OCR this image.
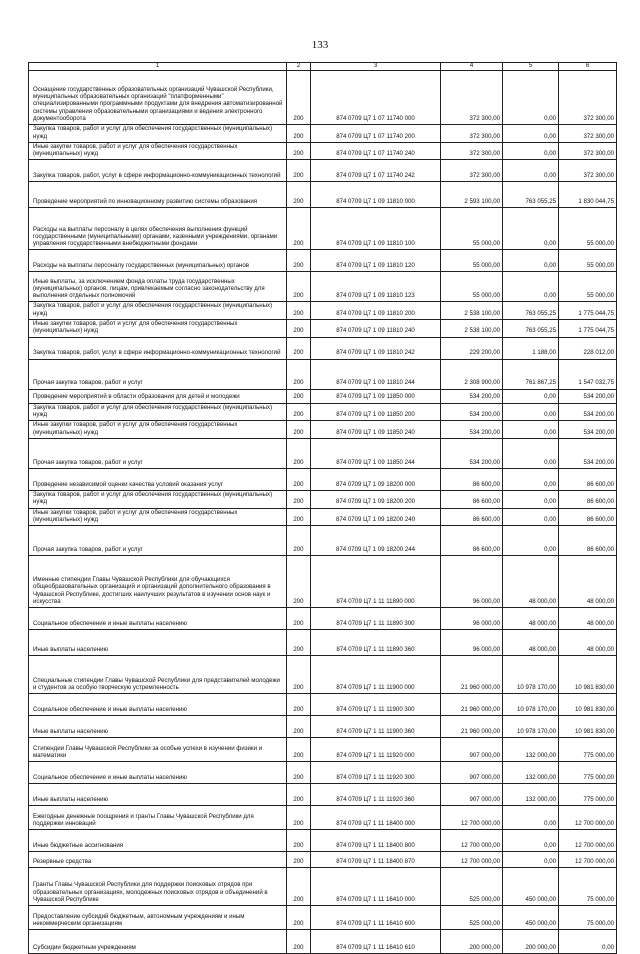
133
1	2	3	4	5	6
Оснащение государственных образовательных организаций Чувашской Республики, муниципальных образовательных организаций "платформенными" специализированными программными продуктами для внедрения автоматизированной системы управления образовательными организациями и ведения электронного документооборота	200	874 0709 Ц7 1 07 11740 000	372 300,00	0,00	372 300,00
Закупка товаров, работ и услуг для обеспечения государственных (муниципальных) нужд	200	874 0709 Ц7 1 07 11740 200	372 300,00	0,00	372 300,00
Иные закупки товаров, работ и услуг для обеспечения государственных (муниципальных) нужд	200	874 0709 Ц7 1 07 11740 240	372 300,00	0,00	372 300,00
Закупка товаров, работ, услуг в сфере информационно-коммуникационных технологий	200	874 0709 Ц7 1 07 11740 242	372 300,00	0,00	372 300,00
Проведение мероприятий по инновационному развитию системы образования	200	874 0709 Ц7 1 09 11810 000	2 593 100,00	763 055,25	1 830 044,75
Расходы на выплаты персоналу в целях обеспечения выполнения функций государственными (муниципальными) органами, казенными учреждениями, органами управления государственными внебюджетными фондами	200	874 0709 Ц7 1 09 11810 100	55 000,00	0,00	55 000,00
Расходы на выплаты персоналу государственных (муниципальных) органов	200	874 0709 Ц7 1 09 11810 120	55 000,00	0,00	55 000,00
Иные выплаты, за исключением фонда оплаты труда государственных (муниципальных) органов, лицам, привлекаемым согласно законодательству для выполнения отдельных полномочий	200	874 0709 Ц7 1 09 11810 123	55 000,00	0,00	55 000,00
Закупка товаров, работ и услуг для обеспечения государственных (муниципальных) нужд	200	874 0709 Ц7 1 09 11810 200	2 538 100,00	763 055,25	1 775 044,75
Иные закупки товаров, работ и услуг для обеспечения государственных (муниципальных) нужд	200	874 0709 Ц7 1 09 11810 240	2 538 100,00	763 055,25	1 775 044,75
Закупка товаров, работ, услуг в сфере информационно-коммуникационных технологий	200	874 0709 Ц7 1 09 11810 242	229 200,00	1 188,00	228 012,00
Прочая закупка товаров, работ и услуг	200	874 0709 Ц7 1 09 11810 244	2 308 900,00	761 867,25	1 547 032,75
Проведение мероприятий в области образования для детей и молодежи	200	874 0709 Ц7 1 09 11850 000	534 200,00	0,00	534 200,00
Закупка товаров, работ и услуг для обеспечения государственных (муниципальных) нужд	200	874 0709 Ц7 1 09 11850 200	534 200,00	0,00	534 200,00
Иные закупки товаров, работ и услуг для обеспечения государственных (муниципальных) нужд	200	874 0709 Ц7 1 09 11850 240	534 200,00	0,00	534 200,00
Прочая закупка товаров, работ и услуг	200	874 0709 Ц7 1 09 11850 244	534 200,00	0,00	534 200,00
Проведение независимой оценки качества условий оказания услуг	200	874 0709 Ц7 1 09 18200 000	86 600,00	0,00	86 600,00
Закупка товаров, работ и услуг для обеспечения государственных (муниципальных) нужд	200	874 0709 Ц7 1 09 18200 200	86 600,00	0,00	86 600,00
Иные закупки товаров, работ и услуг для обеспечения государственных (муниципальных) нужд	200	874 0709 Ц7 1 09 18200 240	86 600,00	0,00	86 600,00
Прочая закупка товаров, работ и услуг	200	874 0709 Ц7 1 09 18200 244	86 600,00	0,00	86 600,00
Именные стипендии Главы Чувашской Республики для обучающихся общеобразовательных организаций и организаций дополнительного образования в Чувашской Республике, достигших наилучших результатов в изучении основ наук и искусства	200	874 0709 Ц7 1 11 11890 000	96 000,00	48 000,00	48 000,00
Социальное обеспечение и иные выплаты населению	200	874 0709 Ц7 1 11 11890 300	96 000,00	48 000,00	48 000,00
Иные выплаты населению	200	874 0709 Ц7 1 11 11890 360	96 000,00	48 000,00	48 000,00
Специальные стипендии Главы Чувашской Республики для представителей молодежи и студентов за особую творческую устремленность	200	874 0709 Ц7 1 11 11900 000	21 960 000,00	10 978 170,00	10 981 830,00
Социальное обеспечение и иные выплаты населению	200	874 0709 Ц7 1 11 11900 300	21 960 000,00	10 978 170,00	10 981 830,00
Иные выплаты населению	200	874 0709 Ц7 1 11 11900 360	21 960 000,00	10 978 170,00	10 981 830,00
Стипендии Главы Чувашской Республики за особые успехи в изучении физики и математики	200	874 0709 Ц7 1 11 11920 000	907 000,00	132 000,00	775 000,00
Социальное обеспечение и иные выплаты населению	200	874 0709 Ц7 1 11 11920 300	907 000,00	132 000,00	775 000,00
Иные выплаты населению	200	874 0709 Ц7 1 11 11920 360	907 000,00	132 000,00	775 000,00
Ежегодные денежные поощрения и гранты Главы Чувашской Республики для поддержки инноваций	200	874 0709 Ц7 1 11 18400 000	12 700 000,00	0,00	12 700 000,00
Иные бюджетные ассигнования	200	874 0709 Ц7 1 11 18400 800	12 700 000,00	0,00	12 700 000,00
Резервные средства	200	874 0709 Ц7 1 11 18400 870	12 700 000,00	0,00	12 700 000,00
Гранты Главы Чувашской Республики для поддержки поисковых отрядов при образовательных организациях, молодежных поисковых отрядов и объединений в Чувашской Республике	200	874 0709 Ц7 1 11 16410 000	525 000,00	450 000,00	75 000,00
Предоставление субсидий бюджетным, автономным учреждениям и иным некоммерческим организациям	200	874 0709 Ц7 1 11 16410 600	525 000,00	450 000,00	75 000,00
Субсидии бюджетным учреждениям	200	874 0709 Ц7 1 11 16410 610	200 000,00	200 000,00	0,00
